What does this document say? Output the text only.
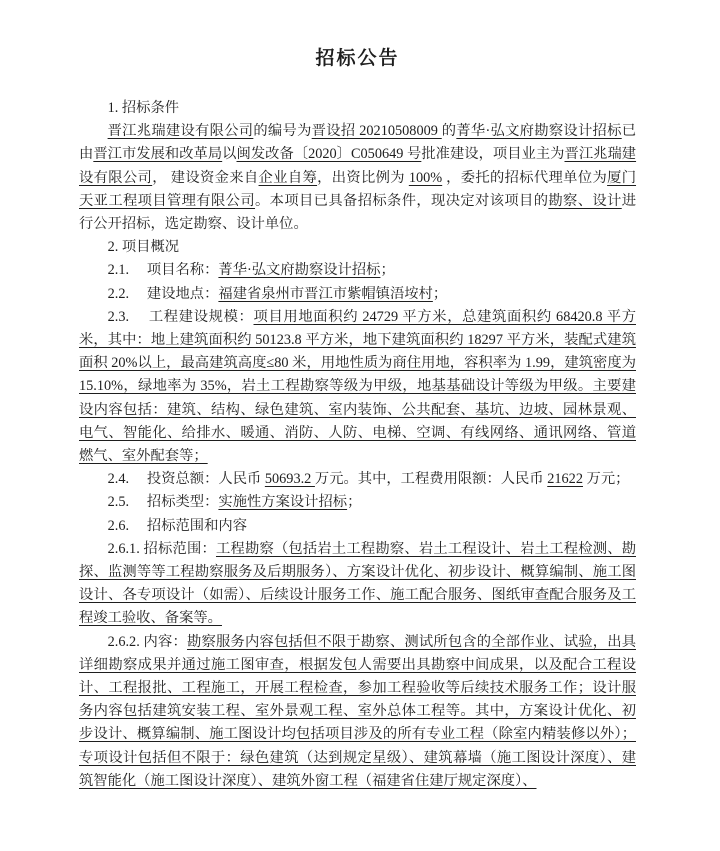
招标公告

1. 招标条件

晋江兆瑞建设有限公司的编号为晋设招 20210508009 的菁华·弘文府勘察设计招标已由晋江市发展和改革局以闽发改备〔2020〕C050649 号批准建设，项目业主为晋江兆瑞建设有限公司， 建设资金来自企业自筹，出资比例为 100% ，委托的招标代理单位为厦门天亚工程项目管理有限公司。本项目已具备招标条件，现决定对该项目的勘察、设计进行公开招标，选定勘察、设计单位。

2. 项目概况

2.1.　 项目名称：菁华·弘文府勘察设计招标；

2.2.　 建设地点：福建省泉州市晋江市紫帽镇浯垵村；

2.3.　 工程建设规模：项目用地面积约 24729 平方米，总建筑面积约 68420.8 平方米，其中：地上建筑面积约 50123.8 平方米，地下建筑面积约 18297 平方米，装配式建筑面积 20%以上，最高建筑高度≤80 米，用地性质为商住用地，容积率为 1.99，建筑密度为 15.10%，绿地率为 35%，岩土工程勘察等级为甲级，地基基础设计等级为甲级。主要建设内容包括：建筑、结构、绿色建筑、室内装饰、公共配套、基坑、边坡、园林景观、电气、智能化、给排水、暖通、消防、人防、电梯、空调、有线网络、通讯网络、管道燃气、室外配套等；

2.4.　 投资总额：人民币 50693.2 万元。其中，工程费用限额：人民币 21622 万元；

2.5.　 招标类型：实施性方案设计招标；

2.6.　 招标范围和内容

2.6.1. 招标范围：工程勘察（包括岩土工程勘察、岩土工程设计、岩土工程检测、勘探、监测等等工程勘察服务及后期服务）、方案设计优化、初步设计、概算编制、施工图设计、各专项设计（如需）、后续设计服务工作、施工配合服务、图纸审查配合服务及工程竣工验收、备案等。

2.6.2. 内容：勘察服务内容包括但不限于勘察、测试所包含的全部作业、试验，出具详细勘察成果并通过施工图审查，根据发包人需要出具勘察中间成果，以及配合工程设计、工程报批、工程施工，开展工程检查，参加工程验收等后续技术服务工作；设计服务内容包括建筑安装工程、室外景观工程、室外总体工程等。其中，方案设计优化、初步设计、概算编制、施工图设计均包括项目涉及的所有专业工程（除室内精装修以外）；专项设计包括但不限于：绿色建筑（达到规定星级）、建筑幕墙（施工图设计深度）、建筑智能化（施工图设计深度）、建筑外窗工程（福建省住建厅规定深度）、
